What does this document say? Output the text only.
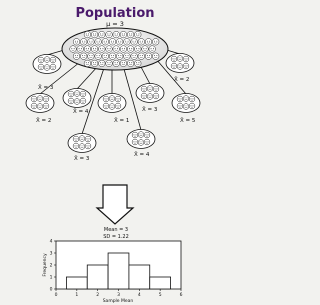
Population
μ = 3
X̄ = 3
X̄ = 2
X̄ = 4
X̄ = 3
X̄ = 1
X̄ = 4
X̄ = 3
X̄ = 5
X̄ = 2
Mean = 3
SD = 1.22
0	1	2	3	4	5	6
0
1
2
3
4
Sample Mean
Frequency
